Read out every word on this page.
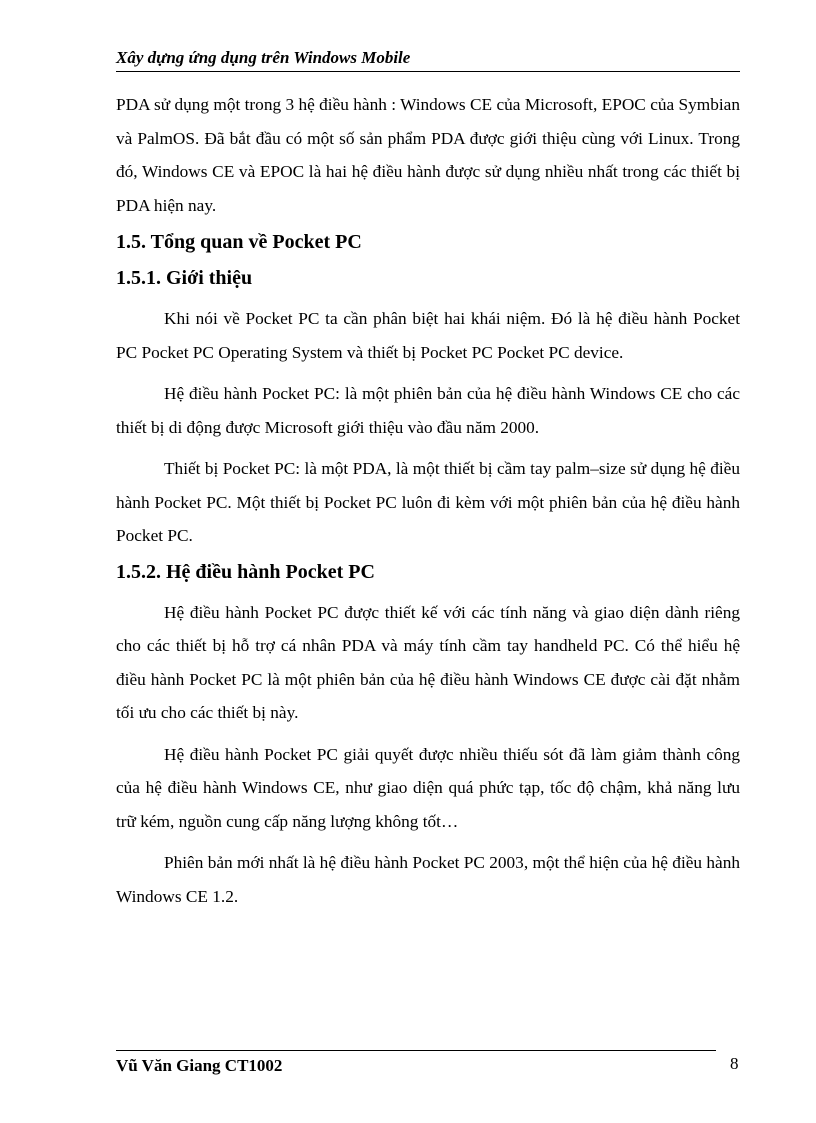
Xây dựng ứng dụng trên Windows Mobile

PDA sử dụng một trong 3 hệ điều hành : Windows CE của Microsoft, EPOC của Symbian và PalmOS. Đã bắt đầu có một số sản phẩm PDA được giới thiệu cùng với Linux. Trong đó, Windows CE và EPOC là hai hệ điều hành được sử dụng nhiều nhất trong các thiết bị PDA hiện nay.

1.5. Tổng quan về Pocket PC
1.5.1. Giới thiệu

Khi nói về Pocket PC ta cần phân biệt hai khái niệm. Đó là hệ điều hành Pocket PC Pocket PC Operating System và thiết bị Pocket PC Pocket PC device.

Hệ điều hành Pocket PC: là một phiên bản của hệ điều hành Windows CE cho các thiết bị di động được Microsoft giới thiệu vào đầu năm 2000.

Thiết bị Pocket PC: là một PDA, là một thiết bị cầm tay palm–size sử dụng hệ điều hành Pocket PC. Một thiết bị Pocket PC luôn đi kèm với một phiên bản của hệ điều hành Pocket PC.

1.5.2. Hệ điều hành Pocket PC

Hệ điều hành Pocket PC được thiết kế với các tính năng và giao diện dành riêng cho các thiết bị hỗ trợ cá nhân PDA và máy tính cầm tay handheld PC. Có thể hiểu hệ điều hành Pocket PC là một phiên bản của hệ điều hành Windows CE được cài đặt nhằm tối ưu cho các thiết bị này.

Hệ điều hành Pocket PC giải quyết được nhiều thiếu sót đã làm giảm thành công của hệ điều hành Windows CE, như giao diện quá phức tạp, tốc độ chậm, khả năng lưu trữ kém, nguồn cung cấp năng lượng không tốt…

Phiên bản mới nhất là hệ điều hành Pocket PC 2003, một thể hiện của hệ điều hành Windows CE 1.2.

Vũ Văn Giang CT1002	8
